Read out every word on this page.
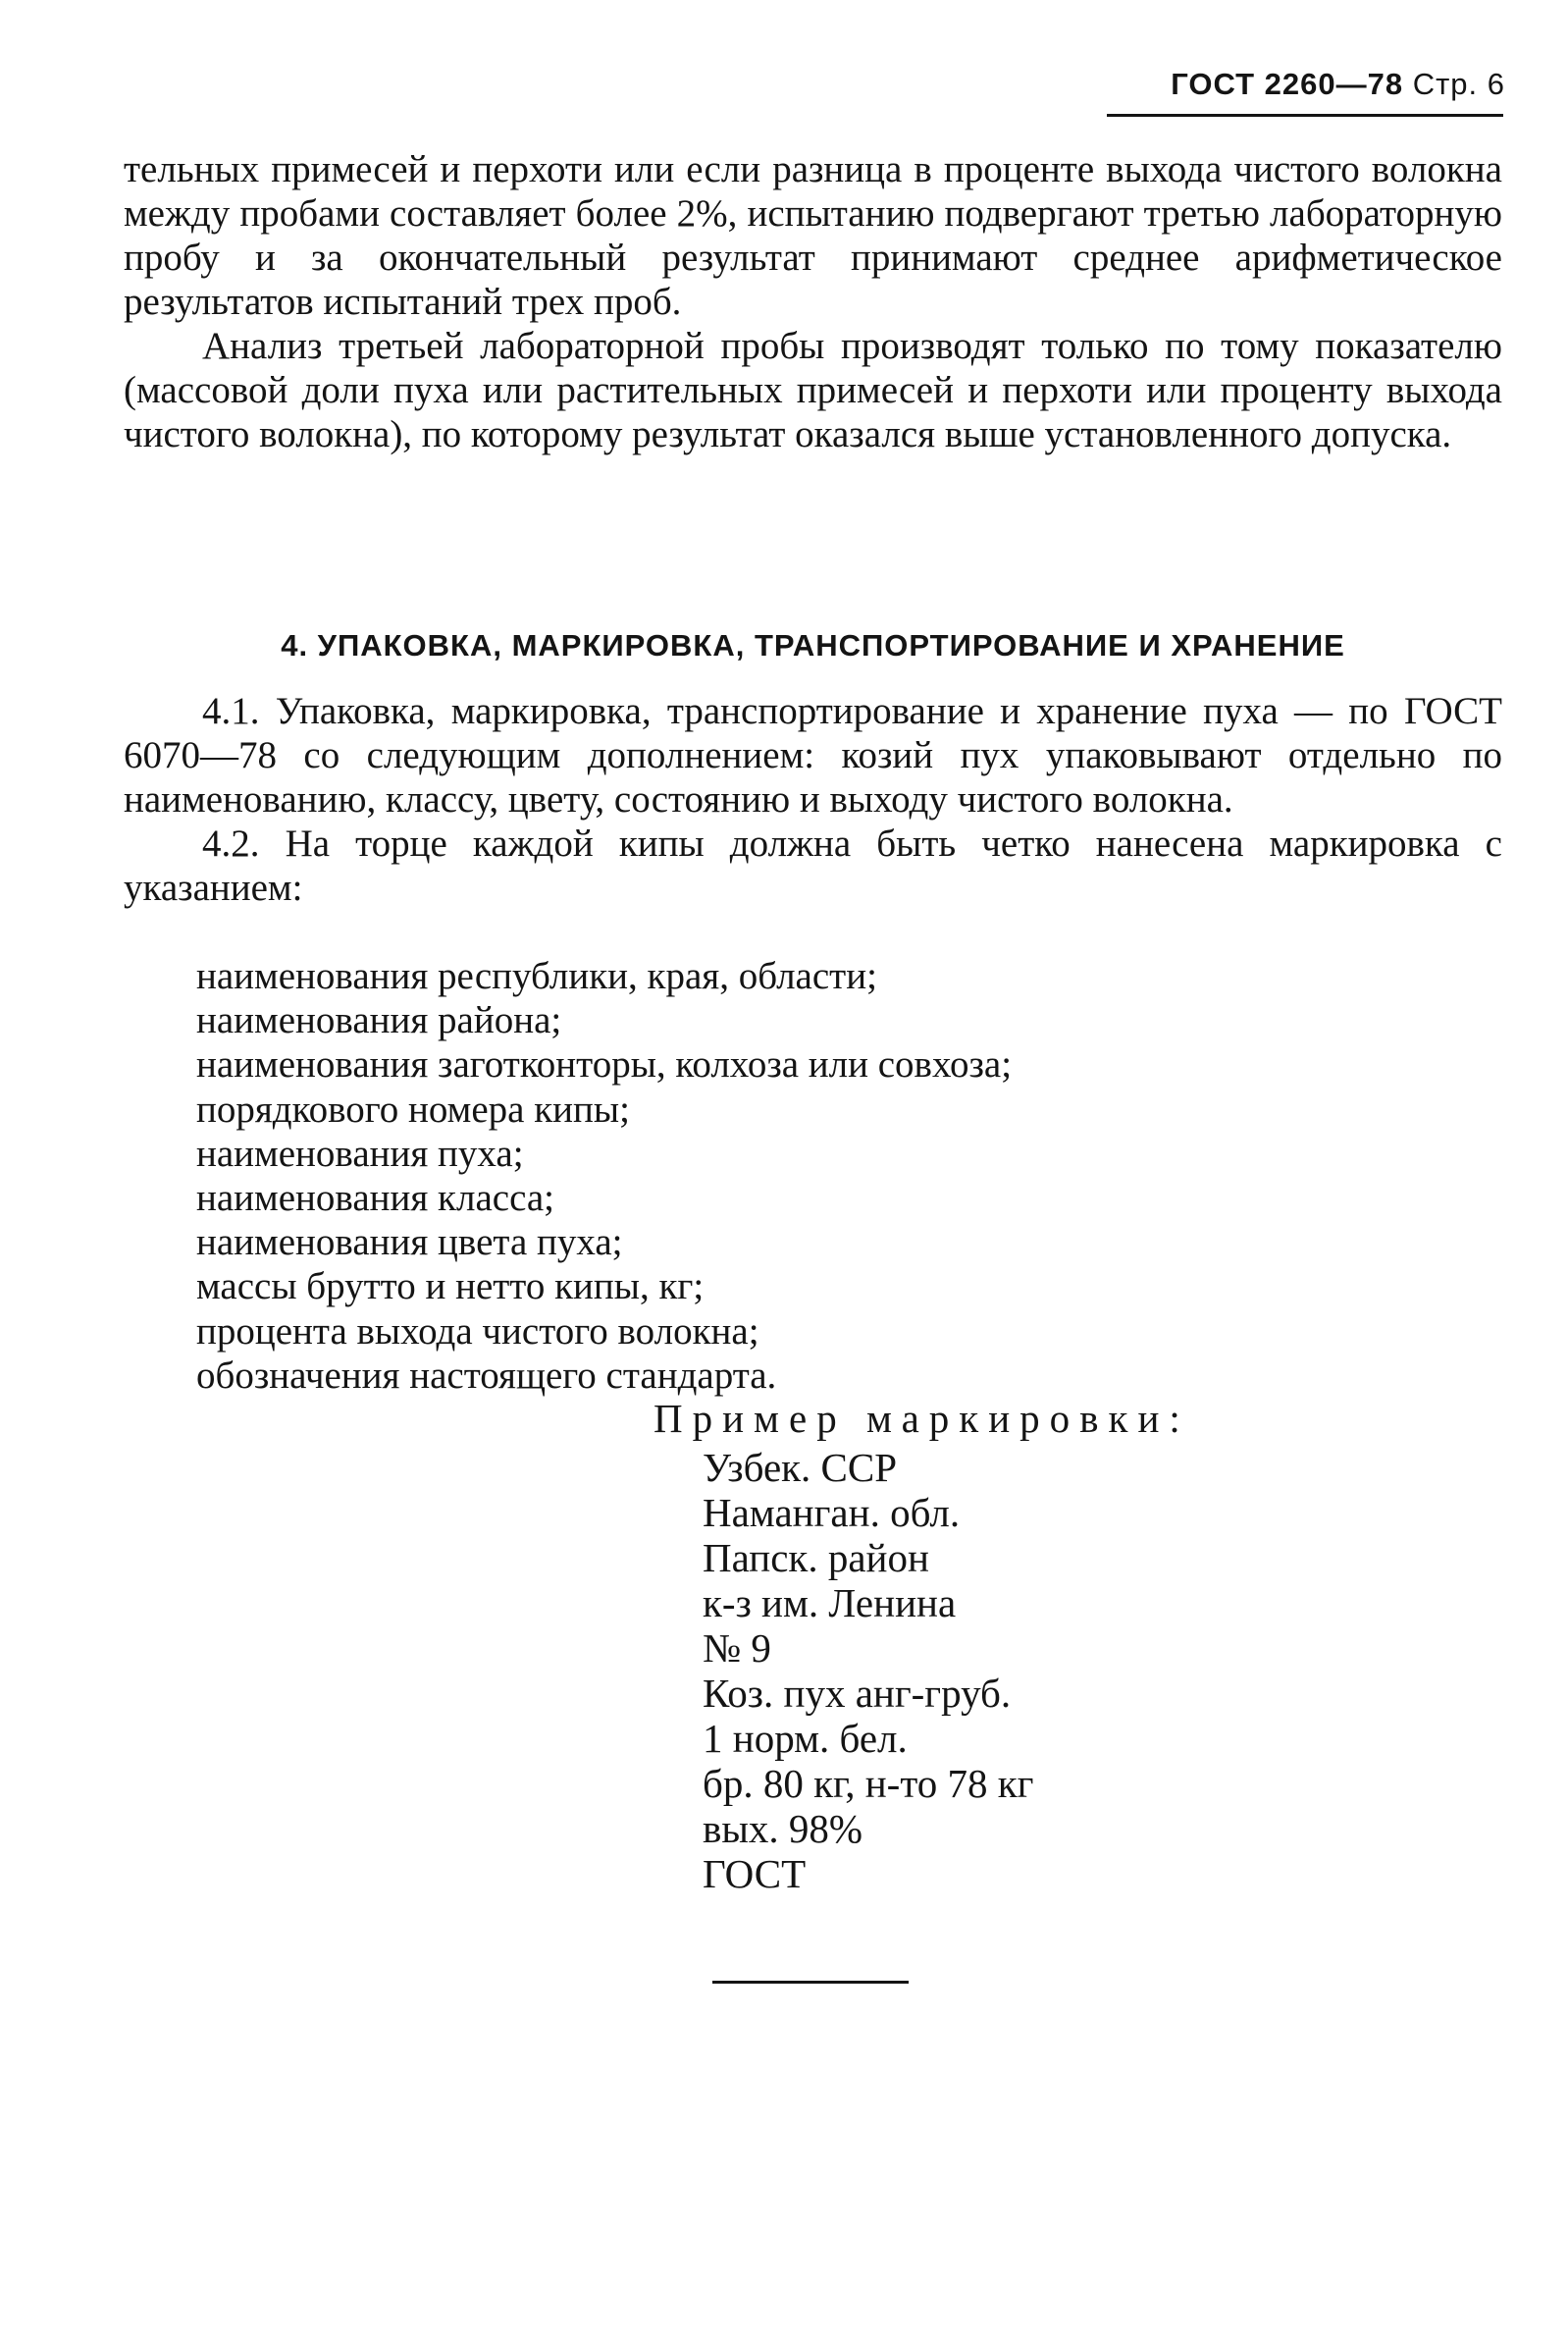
ГОСТ 2260—78 Стр. 6

тельных примесей и перхоти или если разница в проценте выхода чистого волокна между пробами составляет более 2%, испытанию подвергают третью лабораторную пробу и за окончательный результат принимают среднее арифметическое результатов испытаний трех проб.

Анализ третьей лабораторной пробы производят только по тому показателю (массовой доли пуха или растительных примесей и перхоти или проценту выхода чистого волокна), по которому результат оказался выше установленного допуска.

4. УПАКОВКА, МАРКИРОВКА, ТРАНСПОРТИРОВАНИЕ И ХРАНЕНИЕ

4.1. Упаковка, маркировка, транспортирование и хранение пуха — по ГОСТ 6070—78 со следующим дополнением: козий пух упаковывают отдельно по наименованию, классу, цвету, состоянию и выходу чистого волокна.

4.2. На торце каждой кипы должна быть четко нанесена маркировка с указанием:

наименования республики, края, области;
наименования района;
наименования заготконторы, колхоза или совхоза;
порядкового номера кипы;
наименования пуха;
наименования класса;
наименования цвета пуха;
массы брутто и нетто кипы, кг;
процента выхода чистого волокна;
обозначения настоящего стандарта.

Пример маркировки:

Узбек. ССР
Наманган. обл.
Папск. район
к-з им. Ленина
№ 9
Коз. пух анг-груб.
1 норм. бел.
бр. 80 кг, н-то 78 кг
вых. 98%
ГОСТ
